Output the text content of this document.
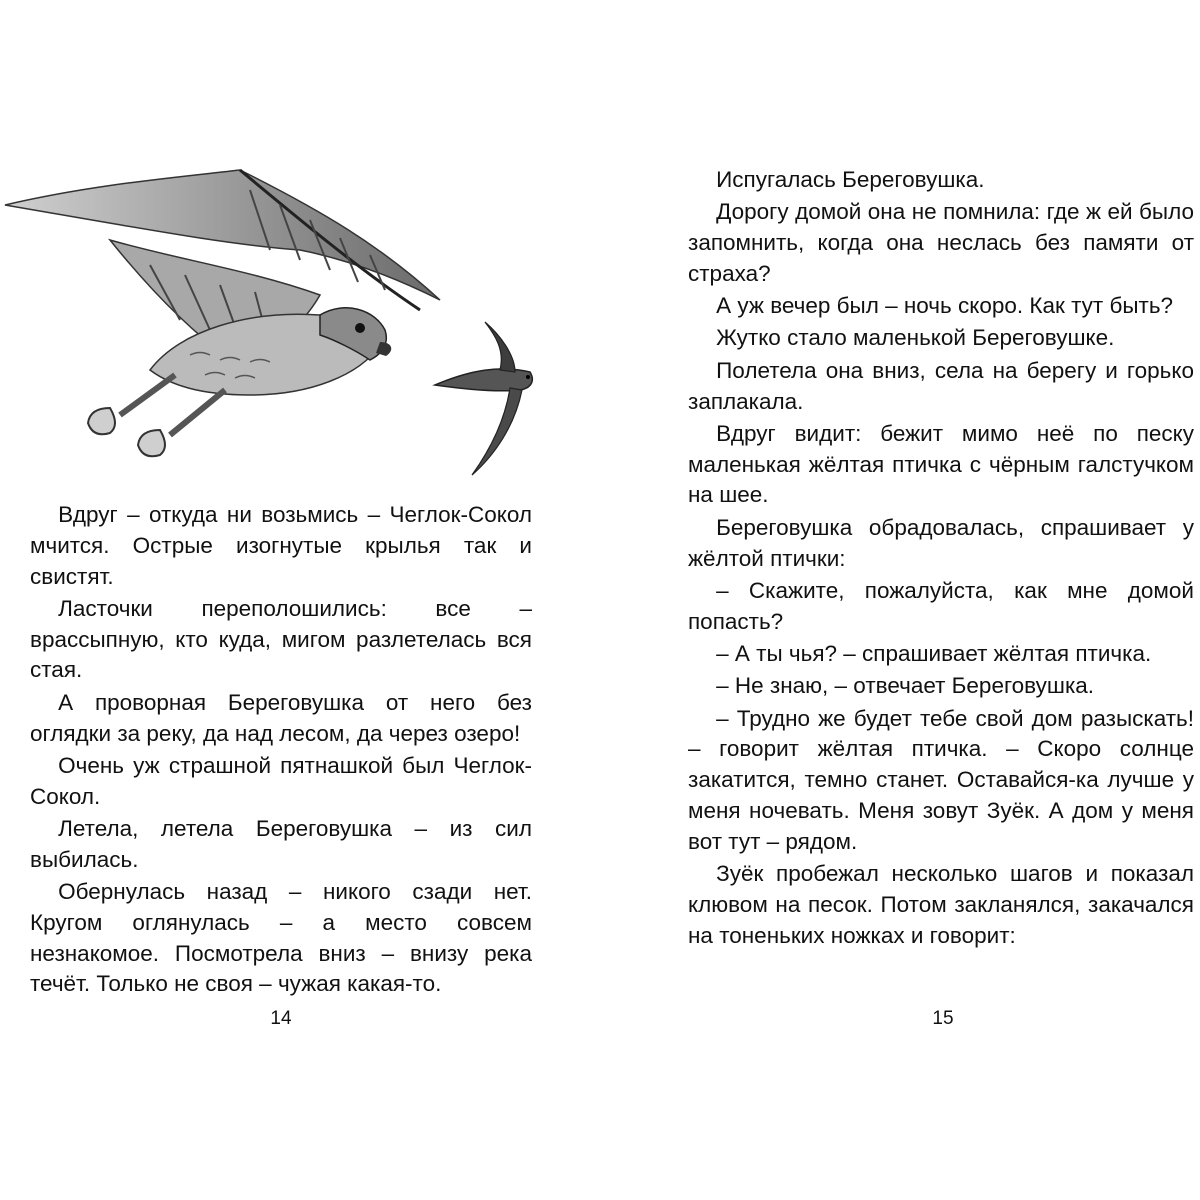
Вдруг – откуда ни возьмись – Чеглок-Сокол мчится. Острые изогнутые крылья так и свистят.

Ласточки переполошились: все – врассыпную, кто куда, мигом разлетелась вся стая.

А проворная Береговушка от него без оглядки за реку, да над лесом, да через озеро!

Очень уж страшной пятнашкой был Чеглок-Сокол.

Летела, летела Береговушка – из сил выбилась.

Обернулась назад – никого сзади нет. Кругом оглянулась – а место совсем незнакомое. Посмотрела вниз – внизу река течёт. Только не своя – чужая какая-то.

14

Испугалась Береговушка.

Дорогу домой она не помнила: где ж ей было запомнить, когда она неслась без памяти от страха?

А уж вечер был – ночь скоро. Как тут быть?

Жутко стало маленькой Береговушке.

Полетела она вниз, села на берегу и горько заплакала.

Вдруг видит: бежит мимо неё по песку маленькая жёлтая птичка с чёрным галстучком на шее.

Береговушка обрадовалась, спрашивает у жёлтой птички:

– Скажите, пожалуйста, как мне домой попасть?

– А ты чья? – спрашивает жёлтая птичка.

– Не знаю, – отвечает Береговушка.

– Трудно же будет тебе свой дом разыскать! – говорит жёлтая птичка. – Скоро солнце закатится, темно станет. Оставайся-ка лучше у меня ночевать. Меня зовут Зуёк. А дом у меня вот тут – рядом.

Зуёк пробежал несколько шагов и показал клювом на песок. Потом закланялся, закачался на тоненьких ножках и говорит:

15
